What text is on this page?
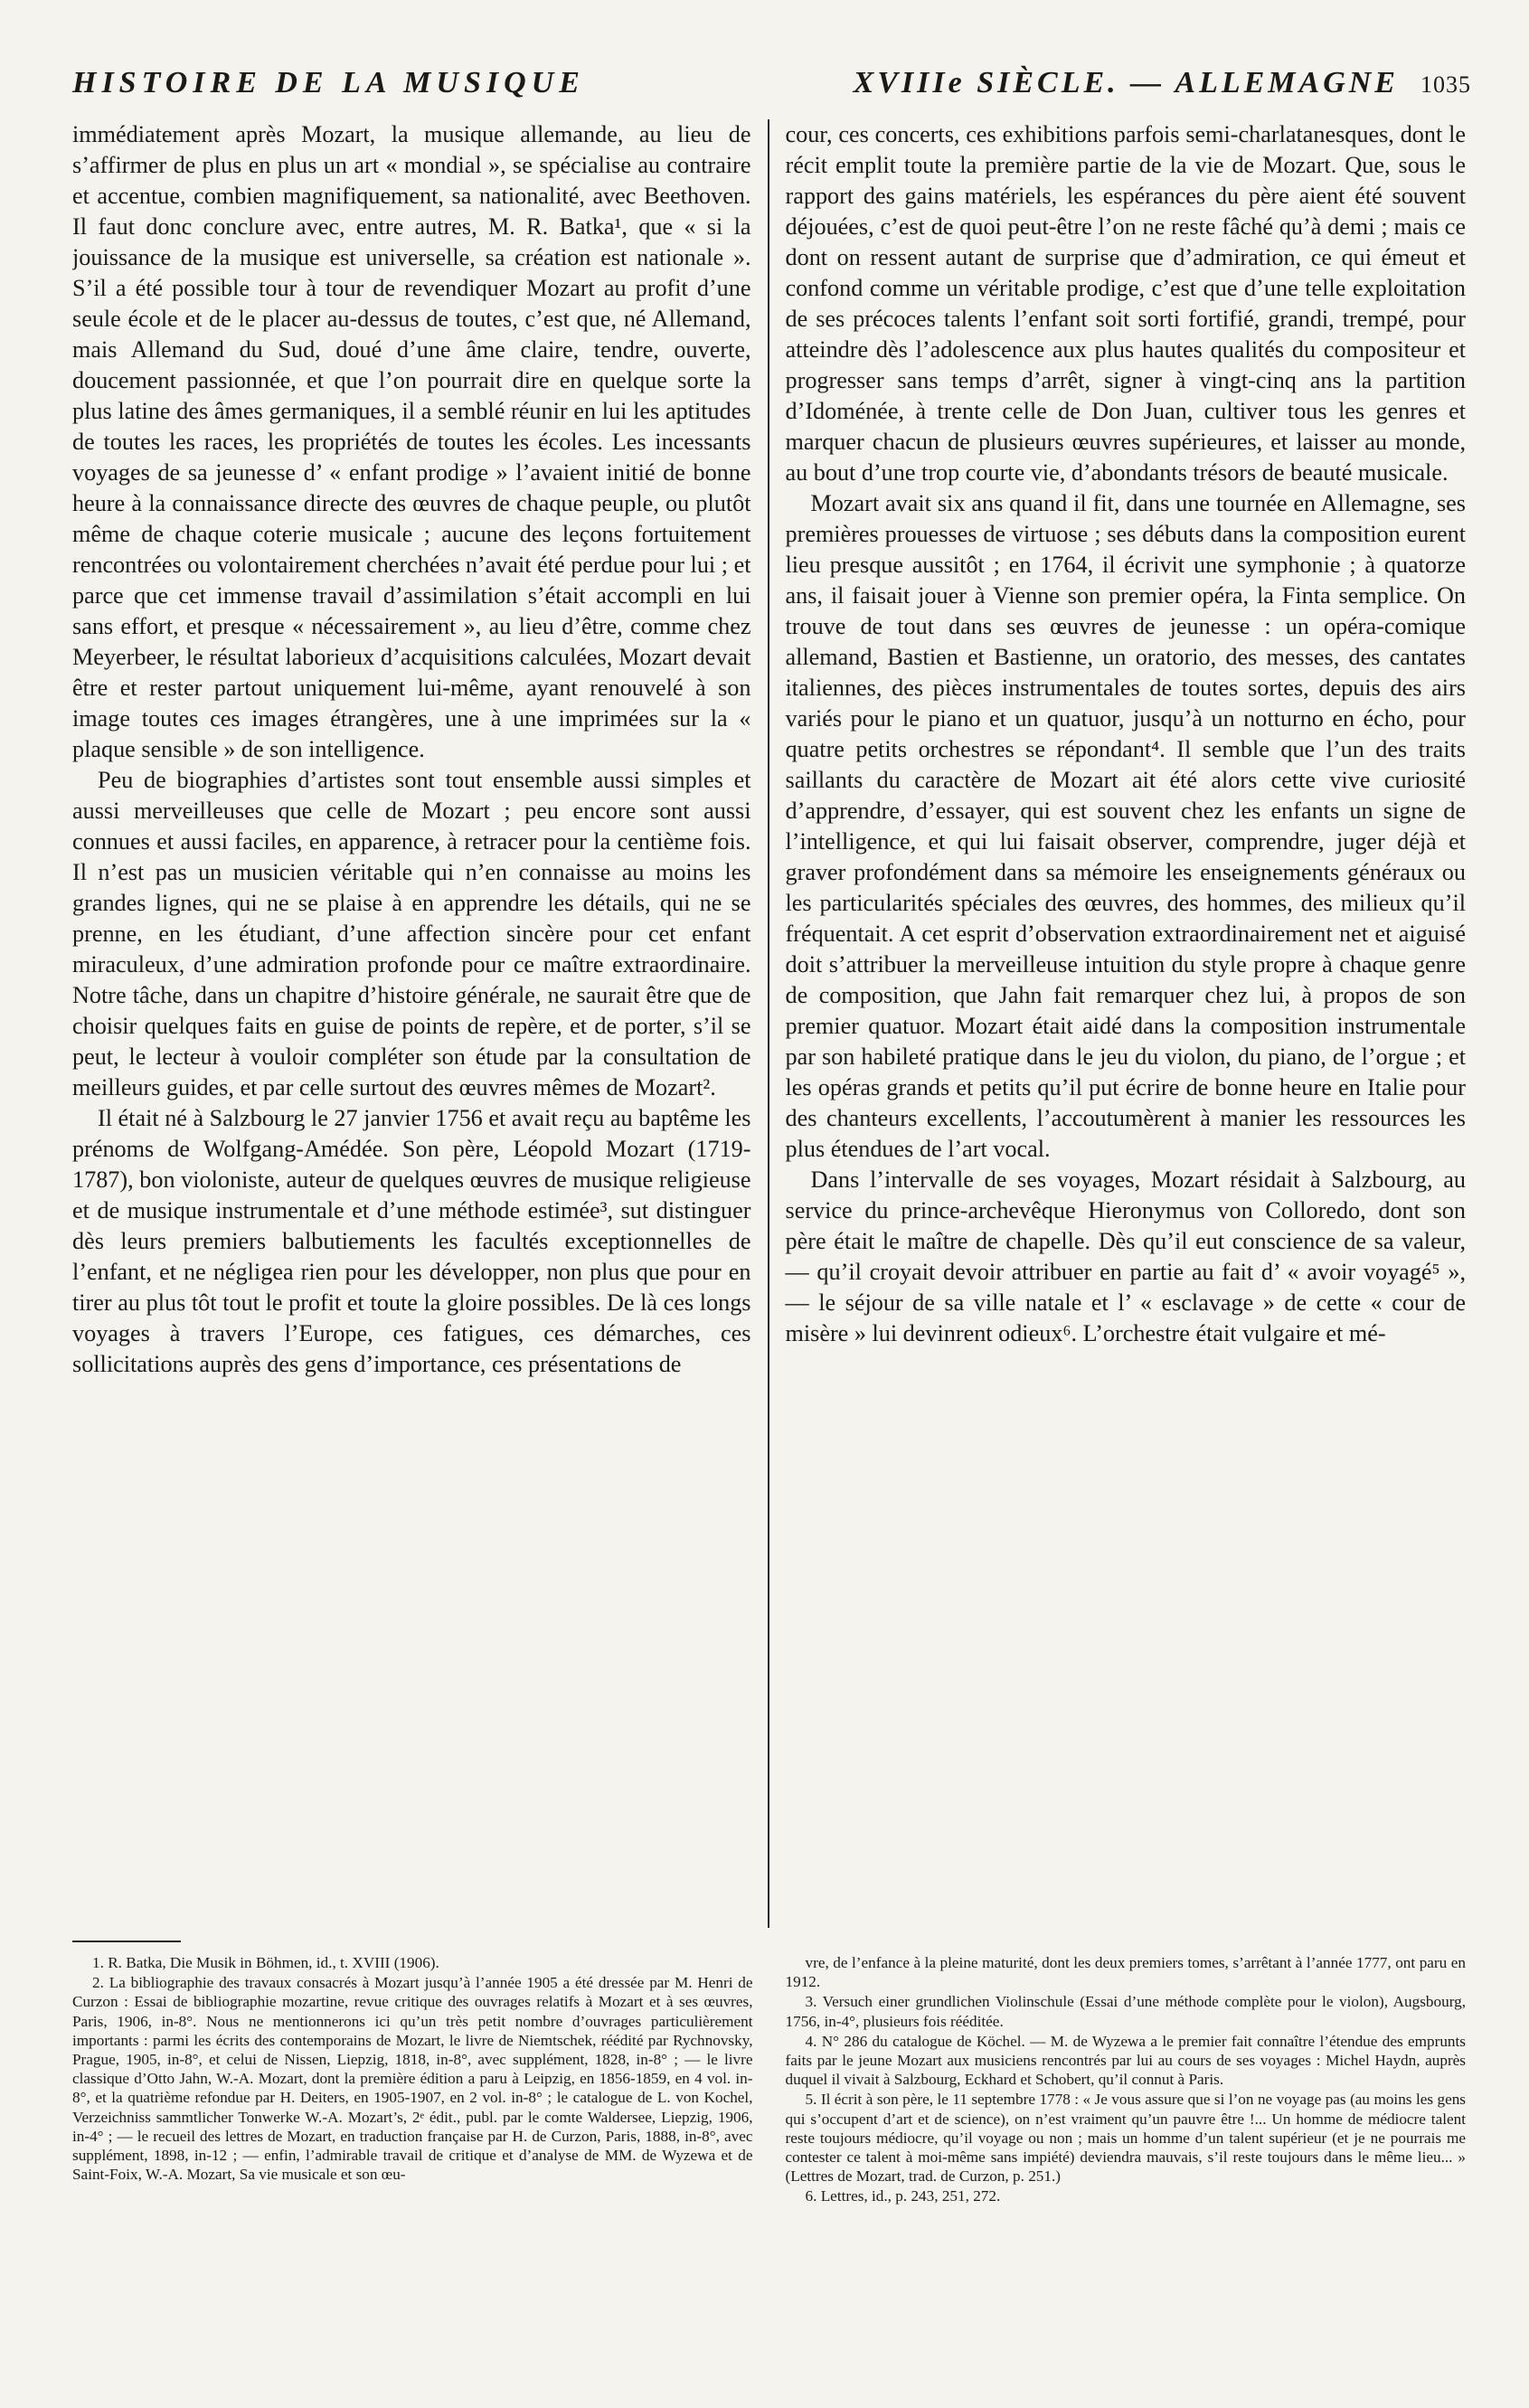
HISTOIRE DE LA MUSIQUE	XVIIIe SIÈCLE. — ALLEMAGNE 1035

immédiatement après Mozart, la musique allemande, au lieu de s’affirmer de plus en plus un art « mondial », se spécialise au contraire et accentue, combien magnifiquement, sa nationalité, avec Beethoven. Il faut donc conclure avec, entre autres, M. R. Batka¹, que « si la jouissance de la musique est universelle, sa création est nationale ». S’il a été possible tour à tour de revendiquer Mozart au profit d’une seule école et de le placer au-dessus de toutes, c’est que, né Allemand, mais Allemand du Sud, doué d’une âme claire, tendre, ouverte, doucement passionnée, et que l’on pourrait dire en quelque sorte la plus latine des âmes germaniques, il a semblé réunir en lui les aptitudes de toutes les races, les propriétés de toutes les écoles. Les incessants voyages de sa jeunesse d’ « enfant prodige » l’avaient initié de bonne heure à la connaissance directe des œuvres de chaque peuple, ou plutôt même de chaque coterie musicale ; aucune des leçons fortuitement rencontrées ou volontairement cherchées n’avait été perdue pour lui ; et parce que cet immense travail d’assimilation s’était accompli en lui sans effort, et presque « nécessairement », au lieu d’être, comme chez Meyerbeer, le résultat laborieux d’acquisitions calculées, Mozart devait être et rester partout uniquement lui-même, ayant renouvelé à son image toutes ces images étrangères, une à une imprimées sur la « plaque sensible » de son intelligence.

Peu de biographies d’artistes sont tout ensemble aussi simples et aussi merveilleuses que celle de Mozart ; peu encore sont aussi connues et aussi faciles, en apparence, à retracer pour la centième fois. Il n’est pas un musicien véritable qui n’en connaisse au moins les grandes lignes, qui ne se plaise à en apprendre les détails, qui ne se prenne, en les étudiant, d’une affection sincère pour cet enfant miraculeux, d’une admiration profonde pour ce maître extraordinaire. Notre tâche, dans un chapitre d’histoire générale, ne saurait être que de choisir quelques faits en guise de points de repère, et de porter, s’il se peut, le lecteur à vouloir compléter son étude par la consultation de meilleurs guides, et par celle surtout des œuvres mêmes de Mozart².

Il était né à Salzbourg le 27 janvier 1756 et avait reçu au baptême les prénoms de Wolfgang-Amédée. Son père, Léopold Mozart (1719-1787), bon violoniste, auteur de quelques œuvres de musique religieuse et de musique instrumentale et d’une méthode estimée³, sut distinguer dès leurs premiers balbutiements les facultés exceptionnelles de l’enfant, et ne négligea rien pour les développer, non plus que pour en tirer au plus tôt tout le profit et toute la gloire possibles. De là ces longs voyages à travers l’Europe, ces fatigues, ces démarches, ces sollicitations auprès des gens d’importance, ces présentations de

cour, ces concerts, ces exhibitions parfois semi-charlatanesques, dont le récit emplit toute la première partie de la vie de Mozart. Que, sous le rapport des gains matériels, les espérances du père aient été souvent déjouées, c’est de quoi peut-être l’on ne reste fâché qu’à demi ; mais ce dont on ressent autant de surprise que d’admiration, ce qui émeut et confond comme un véritable prodige, c’est que d’une telle exploitation de ses précoces talents l’enfant soit sorti fortifié, grandi, trempé, pour atteindre dès l’adolescence aux plus hautes qualités du compositeur et progresser sans temps d’arrêt, signer à vingt-cinq ans la partition d’Idoménée, à trente celle de Don Juan, cultiver tous les genres et marquer chacun de plusieurs œuvres supérieures, et laisser au monde, au bout d’une trop courte vie, d’abondants trésors de beauté musicale.

Mozart avait six ans quand il fit, dans une tournée en Allemagne, ses premières prouesses de virtuose ; ses débuts dans la composition eurent lieu presque aussitôt ; en 1764, il écrivit une symphonie ; à quatorze ans, il faisait jouer à Vienne son premier opéra, la Finta semplice. On trouve de tout dans ses œuvres de jeunesse : un opéra-comique allemand, Bastien et Bastienne, un oratorio, des messes, des cantates italiennes, des pièces instrumentales de toutes sortes, depuis des airs variés pour le piano et un quatuor, jusqu’à un notturno en écho, pour quatre petits orchestres se répondant⁴. Il semble que l’un des traits saillants du caractère de Mozart ait été alors cette vive curiosité d’apprendre, d’essayer, qui est souvent chez les enfants un signe de l’intelligence, et qui lui faisait observer, comprendre, juger déjà et graver profondément dans sa mémoire les enseignements généraux ou les particularités spéciales des œuvres, des hommes, des milieux qu’il fréquentait. A cet esprit d’observation extraordinairement net et aiguisé doit s’attribuer la merveilleuse intuition du style propre à chaque genre de composition, que Jahn fait remarquer chez lui, à propos de son premier quatuor. Mozart était aidé dans la composition instrumentale par son habileté pratique dans le jeu du violon, du piano, de l’orgue ; et les opéras grands et petits qu’il put écrire de bonne heure en Italie pour des chanteurs excellents, l’accoutumèrent à manier les ressources les plus étendues de l’art vocal.

Dans l’intervalle de ses voyages, Mozart résidait à Salzbourg, au service du prince-archevêque Hieronymus von Colloredo, dont son père était le maître de chapelle. Dès qu’il eut conscience de sa valeur, — qu’il croyait devoir attribuer en partie au fait d’ « avoir voyagé⁵ », — le séjour de sa ville natale et l’ « esclavage » de cette « cour de misère » lui devinrent odieux⁶. L’orchestre était vulgaire et mé-

1. R. Batka, Die Musik in Böhmen, id., t. XVIII (1906).

2. La bibliographie des travaux consacrés à Mozart jusqu’à l’année 1905 a été dressée par M. Henri de Curzon : Essai de bibliographie mozartine, revue critique des ouvrages relatifs à Mozart et à ses œuvres, Paris, 1906, in-8°. Nous ne mentionnerons ici qu’un très petit nombre d’ouvrages particulièrement importants : parmi les écrits des contemporains de Mozart, le livre de Niemtschek, réédité par Rychnovsky, Prague, 1905, in-8°, et celui de Nissen, Liepzig, 1818, in-8°, avec supplément, 1828, in-8° ; — le livre classique d’Otto Jahn, W.-A. Mozart, dont la première édition a paru à Leipzig, en 1856-1859, en 4 vol. in-8°, et la quatrième refondue par H. Deiters, en 1905-1907, en 2 vol. in-8° ; le catalogue de L. von Kochel, Verzeichniss sammtlicher Tonwerke W.-A. Mozart’s, 2ᵉ édit., publ. par le comte Waldersee, Liepzig, 1906, in-4° ; — le recueil des lettres de Mozart, en traduction française par H. de Curzon, Paris, 1888, in-8°, avec supplément, 1898, in-12 ; — enfin, l’admirable travail de critique et d’analyse de MM. de Wyzewa et de Saint-Foix, W.-A. Mozart, Sa vie musicale et son œu-

vre, de l’enfance à la pleine maturité, dont les deux premiers tomes, s’arrêtant à l’année 1777, ont paru en 1912.

3. Versuch einer grundlichen Violinschule (Essai d’une méthode complète pour le violon), Augsbourg, 1756, in-4°, plusieurs fois rééditée.

4. N° 286 du catalogue de Köchel. — M. de Wyzewa a le premier fait connaître l’étendue des emprunts faits par le jeune Mozart aux musiciens rencontrés par lui au cours de ses voyages : Michel Haydn, auprès duquel il vivait à Salzbourg, Eckhard et Schobert, qu’il connut à Paris.

5. Il écrit à son père, le 11 septembre 1778 : « Je vous assure que si l’on ne voyage pas (au moins les gens qui s’occupent d’art et de science), on n’est vraiment qu’un pauvre être !... Un homme de médiocre talent reste toujours médiocre, qu’il voyage ou non ; mais un homme d’un talent supérieur (et je ne pourrais me contester ce talent à moi-même sans impiété) deviendra mauvais, s’il reste toujours dans le même lieu... » (Lettres de Mozart, trad. de Curzon, p. 251.)

6. Lettres, id., p. 243, 251, 272.
